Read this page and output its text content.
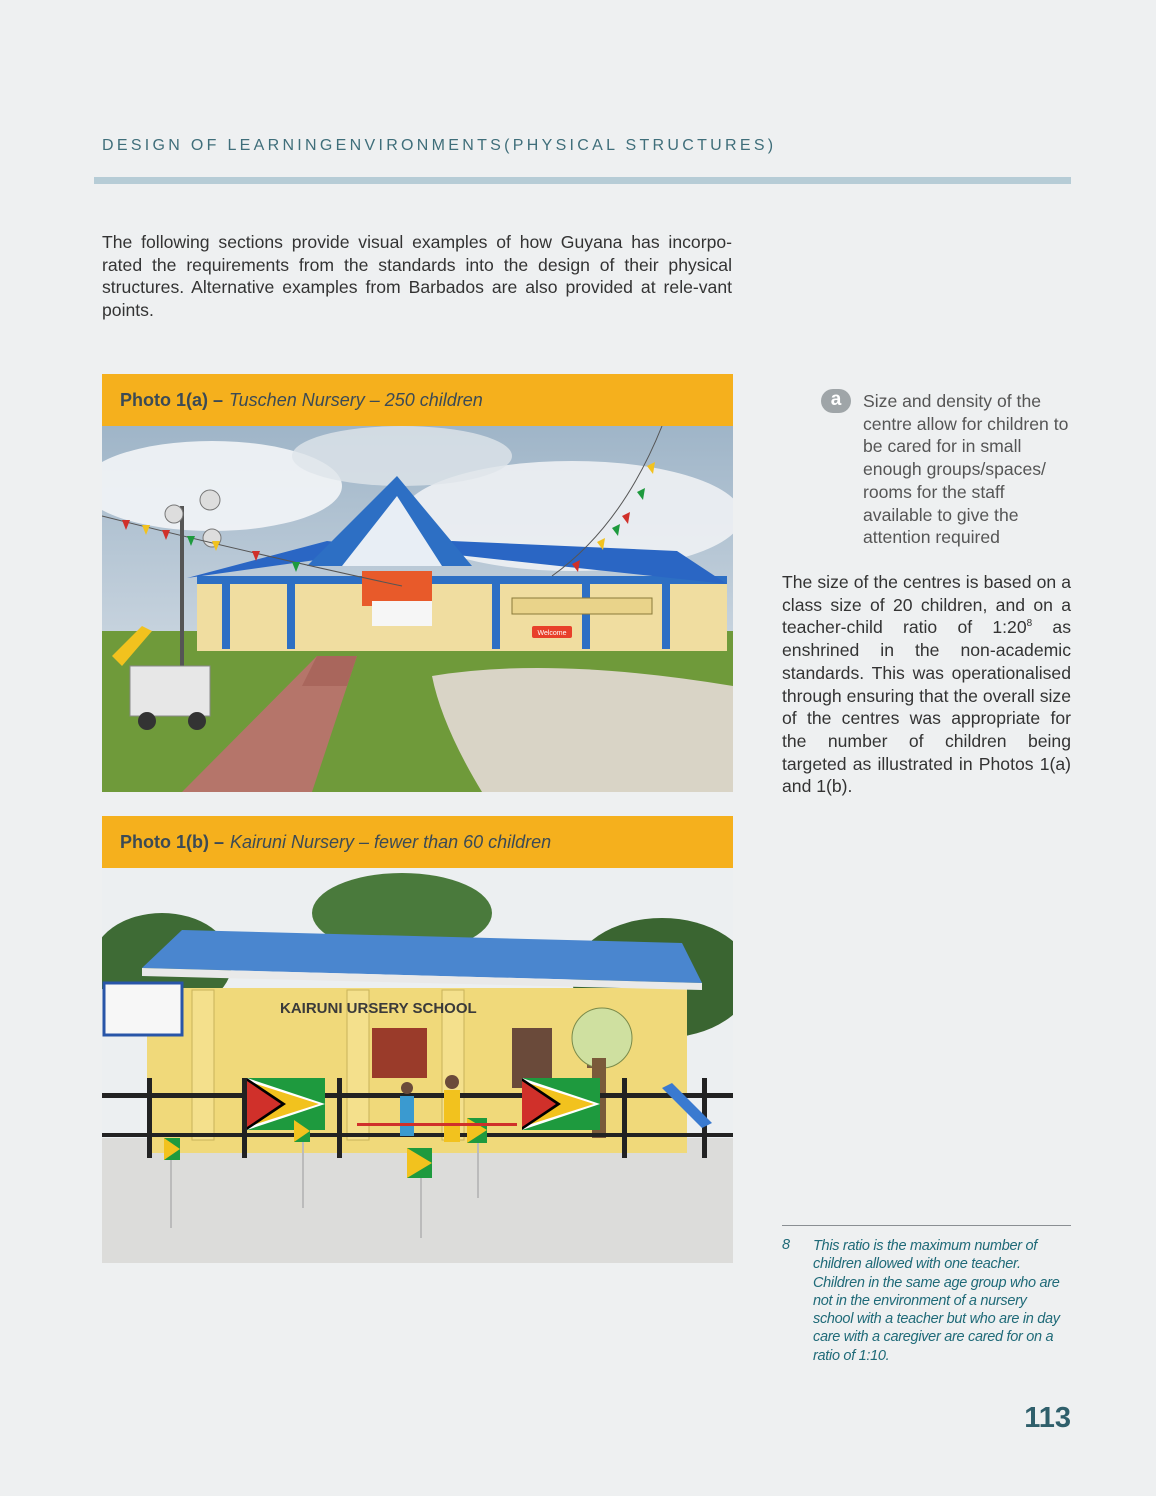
DESIGN OF LEARNINGENVIRONMENTS(PHYSICAL STRUCTURES)

The following sections provide visual examples of how Guyana has incorpo-rated the requirements from the standards into the design of their physical structures. Alternative examples from Barbados are also provided at rele-vant points.

Photo 1(a) – Tuschen Nursery – 250 children
Welcome
Photo 1(b) – Kairuni Nursery – fewer than 60 children
KAIRUNI URSERY SCHOOL
a	Size and density of the centre allow for children to be cared for in small enough groups/spaces/ rooms for the staff available to give the attention required

The size of the centres is based on a class size of 20 children, and on a teacher-child ratio of $1:20^8$ as enshrined in the non-academic standards. This was operationalised through ensuring that the overall size of the centres was appropriate for the number of children being targeted as illustrated in Photos 1(a) and 1(b).

8 This ratio is the maximum number of children allowed with one teacher. Children in the same age group who are not in the environment of a nursery school with a teacher but who are in day care with a caregiver are cared for on a ratio of 1:10.
113
